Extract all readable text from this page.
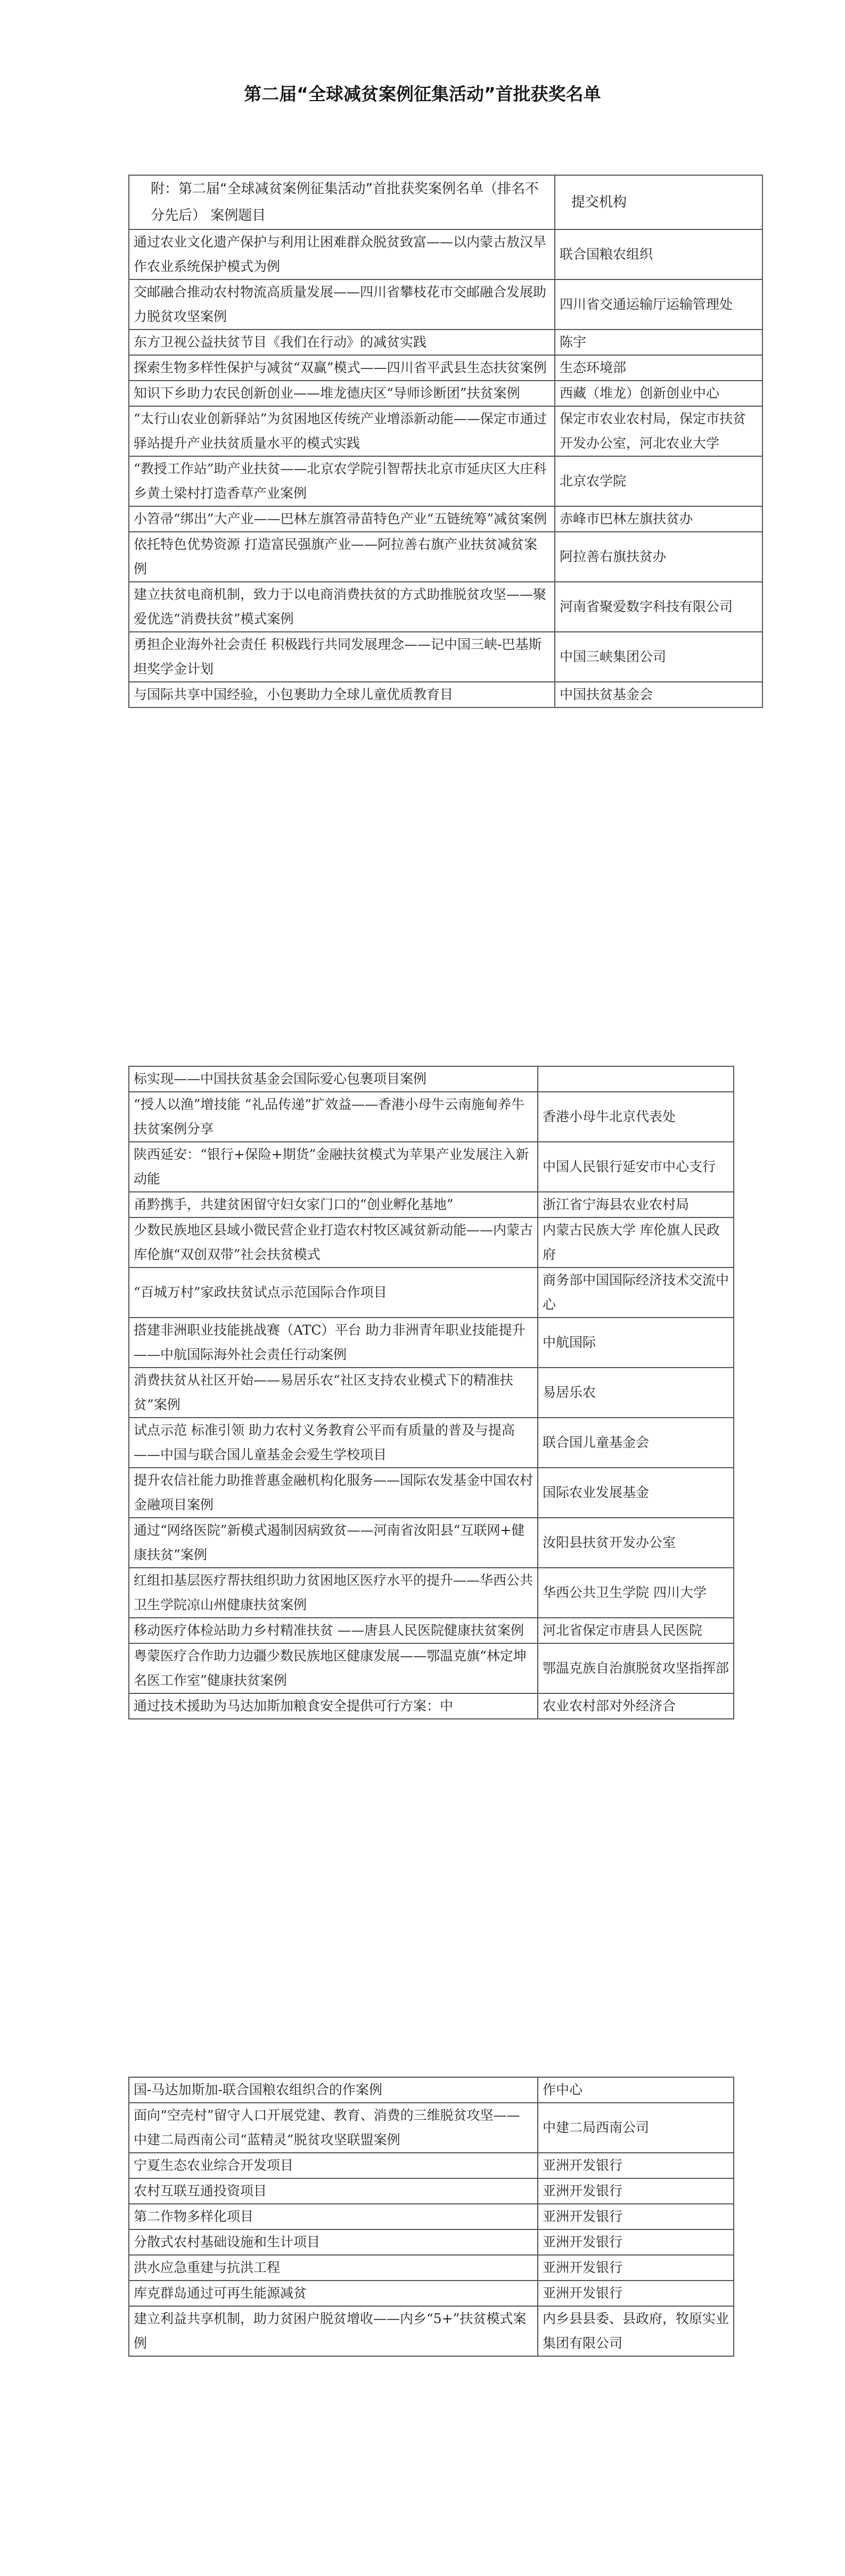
第二届“全球减贫案例征集活动”首批获奖名单
附：第二届“全球减贫案例征集活动”首批获奖案例名单（排名不分先后） 案例题目	提交机构
通过农业文化遗产保护与利用让困难群众脱贫致富——以内蒙古敖汉旱作农业系统保护模式为例	联合国粮农组织
交邮融合推动农村物流高质量发展——四川省攀枝花市交邮融合发展助力脱贫攻坚案例	四川省交通运输厅运输管理处
东方卫视公益扶贫节目《我们在行动》的减贫实践	陈宇
探索生物多样性保护与减贫“双赢”模式——四川省平武县生态扶贫案例	生态环境部
知识下乡助力农民创新创业——堆龙德庆区“导师诊断团”扶贫案例	西藏（堆龙）创新创业中心
“太行山农业创新驿站”为贫困地区传统产业增添新动能——保定市通过驿站提升产业扶贫质量水平的模式实践	保定市农业农村局，保定市扶贫开发办公室，河北农业大学
“教授工作站”助产业扶贫——北京农学院引智帮扶北京市延庆区大庄科乡黄土梁村打造香草产业案例	北京农学院
小笤帚“绑出”大产业——巴林左旗笤帚苗特色产业“五链统筹”减贫案例	赤峰市巴林左旗扶贫办
依托特色优势资源 打造富民强旗产业——阿拉善右旗产业扶贫减贫案例	阿拉善右旗扶贫办
建立扶贫电商机制，致力于以电商消费扶贫的方式助推脱贫攻坚——聚爱优选“消费扶贫”模式案例	河南省聚爱数字科技有限公司
勇担企业海外社会责任 积极践行共同发展理念——记中国三峡-巴基斯坦奖学金计划	中国三峡集团公司
与国际共享中国经验，小包裹助力全球儿童优质教育目	中国扶贫基金会
标实现——中国扶贫基金会国际爱心包裹项目案例	
“授人以渔”增技能 “礼品传递”扩效益——香港小母牛云南施甸养牛扶贫案例分享	香港小母牛北京代表处
陕西延安：“银行+保险+期货”金融扶贫模式为苹果产业发展注入新动能	中国人民银行延安市中心支行
甬黔携手，共建贫困留守妇女家门口的“创业孵化基地”	浙江省宁海县农业农村局
少数民族地区县域小微民营企业打造农村牧区减贫新动能——内蒙古库伦旗“双创双带”社会扶贫模式	内蒙古民族大学 库伦旗人民政府
“百城万村”家政扶贫试点示范国际合作项目	商务部中国国际经济技术交流中心
搭建非洲职业技能挑战赛（ATC）平台 助力非洲青年职业技能提升——中航国际海外社会责任行动案例	中航国际
消费扶贫从社区开始——易居乐农“社区支持农业模式下的精准扶贫”案例	易居乐农
试点示范 标准引领 助力农村义务教育公平而有质量的普及与提高——中国与联合国儿童基金会爱生学校项目	联合国儿童基金会
提升农信社能力助推普惠金融机构化服务——国际农发基金中国农村金融项目案例	国际农业发展基金
通过“网络医院”新模式遏制因病致贫——河南省汝阳县“互联网+健康扶贫”案例	汝阳县扶贫开发办公室
红组扣基层医疗帮扶组织助力贫困地区医疗水平的提升——华西公共卫生学院凉山州健康扶贫案例	华西公共卫生学院 四川大学
移动医疗体检站助力乡村精准扶贫 ——唐县人民医院健康扶贫案例	河北省保定市唐县人民医院
粤蒙医疗合作助力边疆少数民族地区健康发展——鄂温克旗“林定坤名医工作室”健康扶贫案例	鄂温克族自治旗脱贫攻坚指挥部
通过技术援助为马达加斯加粮食安全提供可行方案：中	农业农村部对外经济合
国-马达加斯加-联合国粮农组织合的作案例	作中心
面向“空壳村”留守人口开展党建、教育、消费的三维脱贫攻坚——中建二局西南公司“蓝精灵”脱贫攻坚联盟案例	中建二局西南公司
宁夏生态农业综合开发项目	亚洲开发银行
农村互联互通投资项目	亚洲开发银行
第二作物多样化项目	亚洲开发银行
分散式农村基础设施和生计项目	亚洲开发银行
洪水应急重建与抗洪工程	亚洲开发银行
库克群岛通过可再生能源减贫	亚洲开发银行
建立利益共享机制，助力贫困户脱贫增收——内乡“5+”扶贫模式案例	内乡县县委、县政府，牧原实业集团有限公司
